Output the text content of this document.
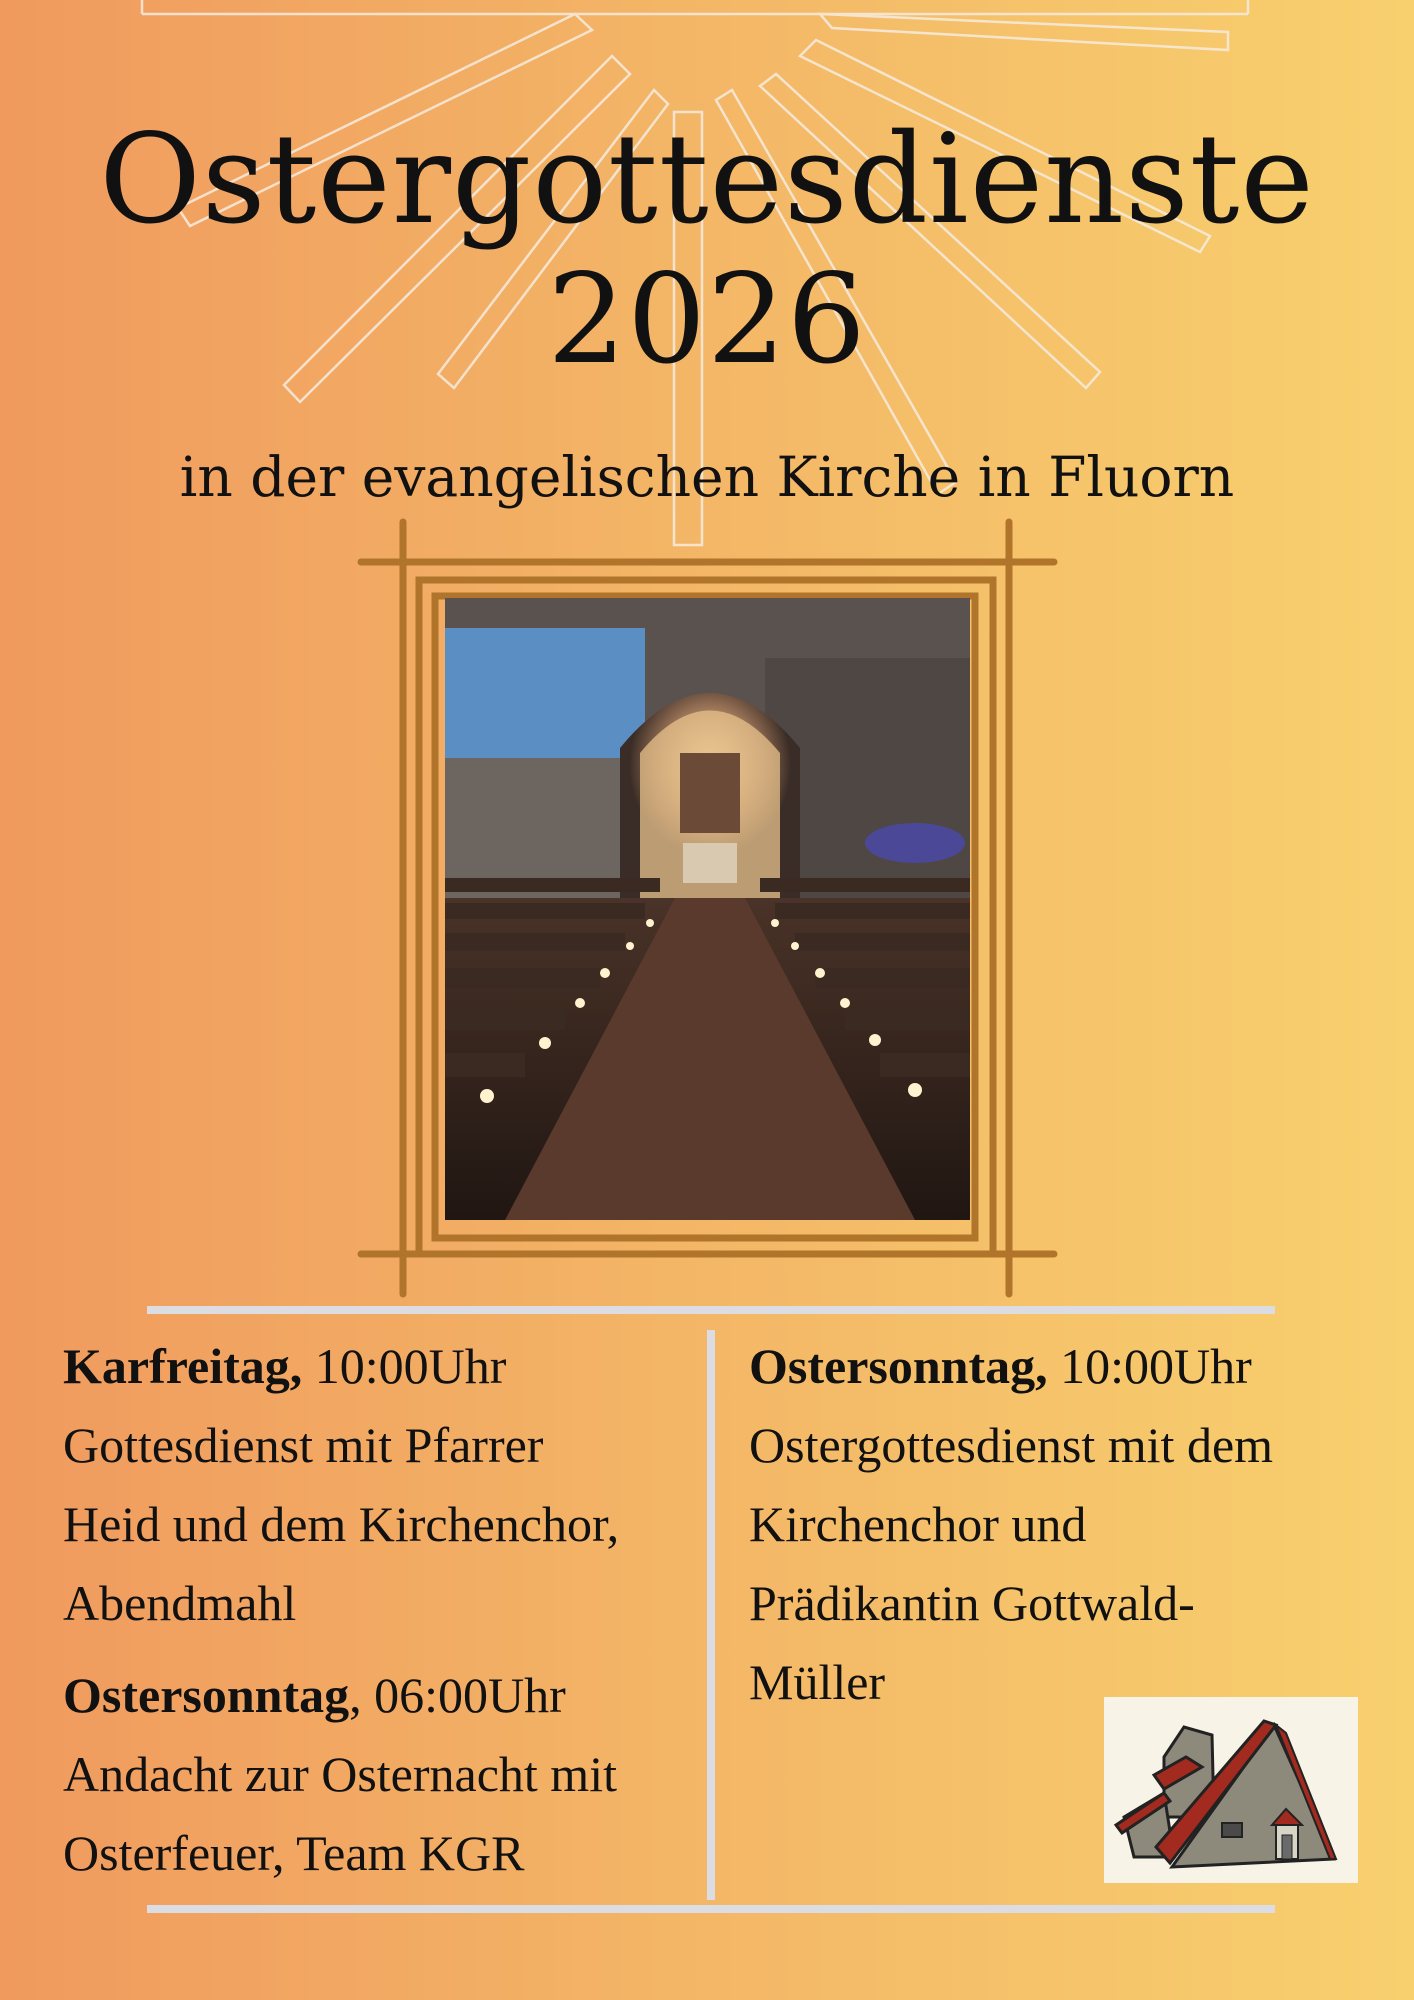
Ostergottesdienste
2026
in der evangelischen Kirche in Fluorn

Karfreitag, 10:00Uhr

Gottesdienst mit Pfarrer

Heid und dem Kirchenchor,

Abendmahl

Ostersonntag, 06:00Uhr

Andacht zur Osternacht mit

Osterfeuer, Team KGR

Ostersonntag, 10:00Uhr

Ostergottesdienst mit dem

Kirchenchor und

Prädikantin Gottwald-

Müller
